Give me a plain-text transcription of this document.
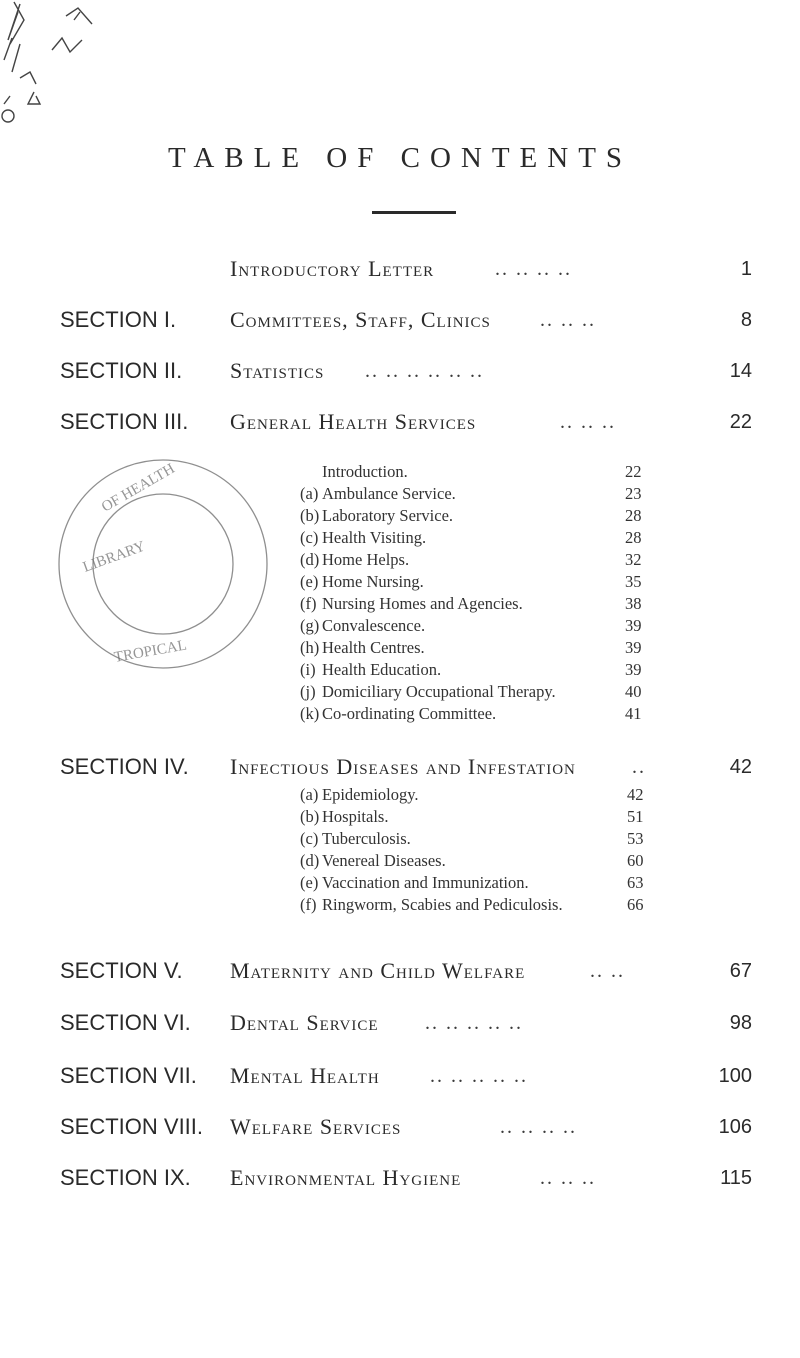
TABLE OF CONTENTS
Introductory Letter	.. .. .. ..	1
SECTION I. Committees, Staff, Clinics .. .. ..	8
SECTION II. Statistics .. .. .. .. .. ..	14
SECTION III. General Health Services	.. .. ..	22
OF HEALTH
LIBRARY
TROPICAL
Introduction.	22
(a) Ambulance Service.	23
(b) Laboratory Service.	28
(c) Health Visiting.	28
(d) Home Helps.	32
(e) Home Nursing.	35
(f) Nursing Homes and Agencies.	38
(g) Convalescence.	39
(h) Health Centres.	39
(i) Health Education.	39
(j) Domiciliary Occupational Therapy.	40
(k) Co-ordinating Committee.	41
SECTION IV. Infectious Diseases and Infestation	..	42
(a) Epidemiology.	42
(b) Hospitals.	51
(c) Tuberculosis.	53
(d) Venereal Diseases.	60
(e) Vaccination and Immunization.	63
(f) Ringworm, Scabies and Pediculosis.	66
SECTION V. Maternity and Child Welfare	.. ..	67
SECTION VI. Dental Service .. .. .. .. ..	98
SECTION VII. Mental Health	.. .. .. .. ..	100
SECTION VIII. Welfare Services	.. .. .. ..	106
SECTION IX. Environmental Hygiene	.. .. ..	115
